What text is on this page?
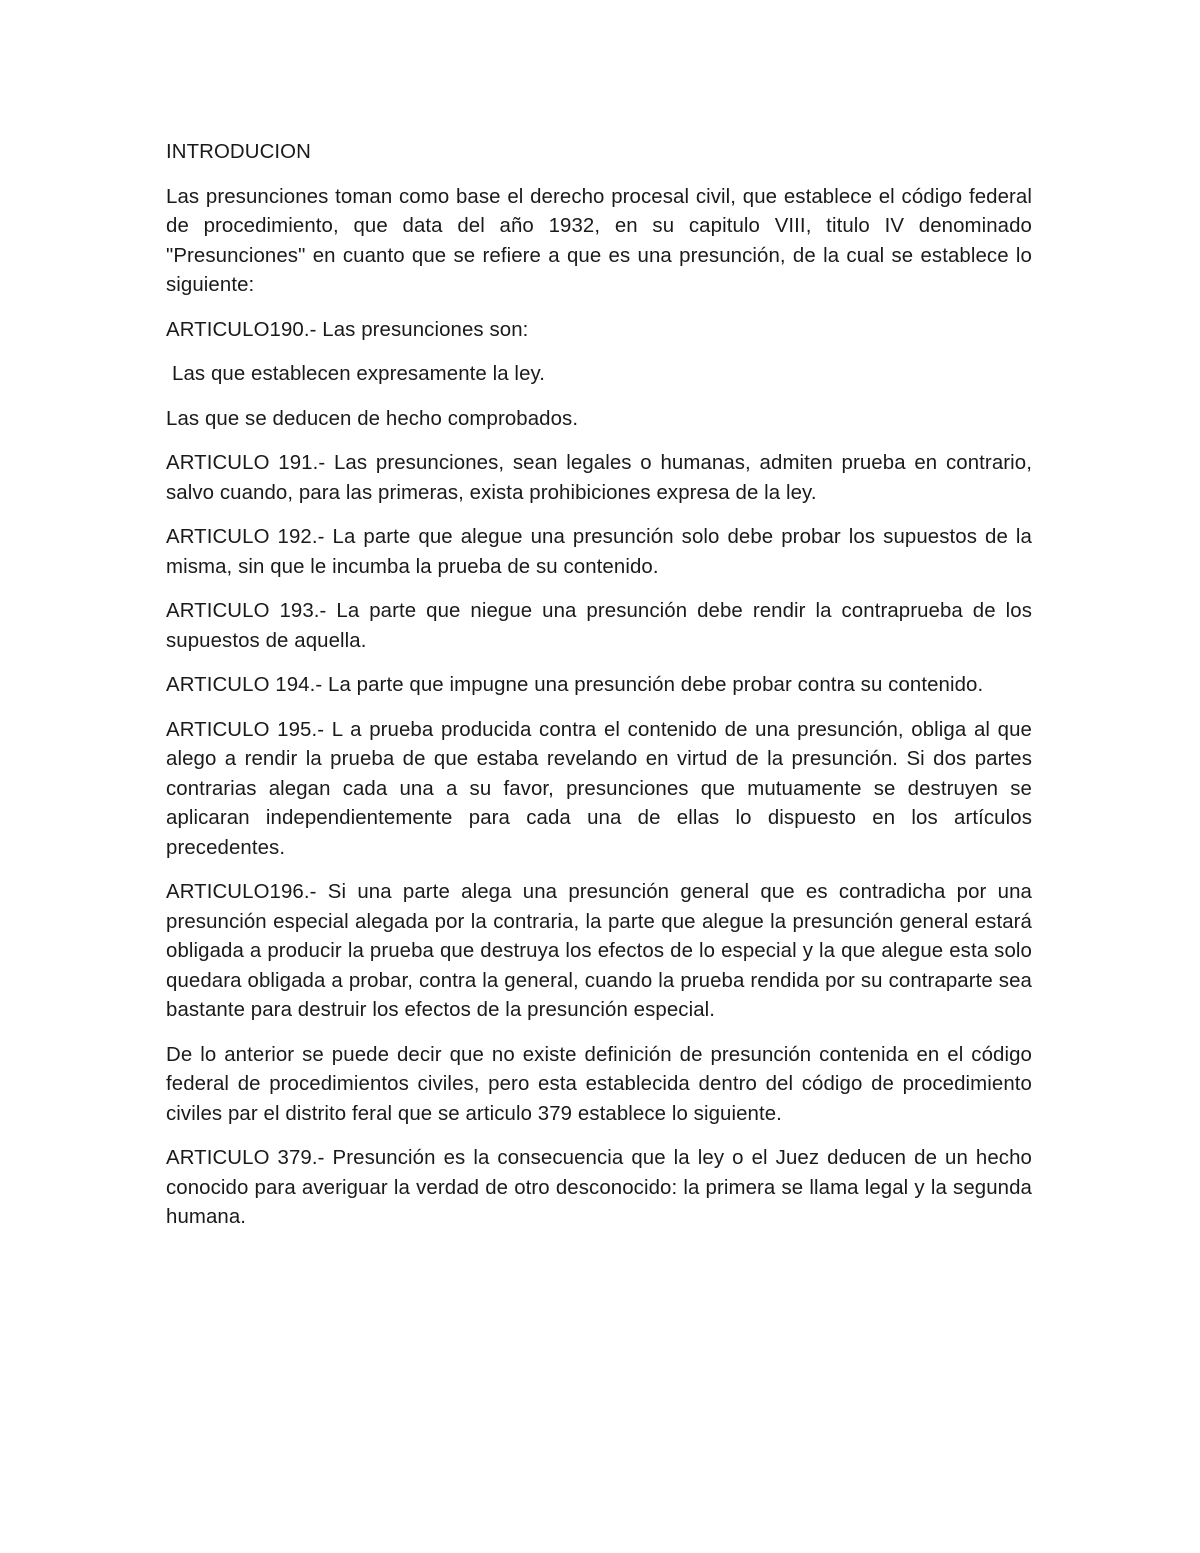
INTRODUCION

Las presunciones toman como base el derecho procesal civil, que establece el código federal de procedimiento, que data del año 1932, en su capitulo VIII, titulo IV denominado "Presunciones" en cuanto que se refiere a que es una presunción, de la cual se establece lo siguiente:

ARTICULO190.- Las presunciones son:

Las que establecen expresamente la ley.

Las que se deducen de hecho comprobados.

ARTICULO 191.- Las presunciones, sean legales o humanas, admiten prueba en contrario, salvo cuando, para las primeras, exista prohibiciones expresa de la ley.

ARTICULO 192.- La parte que alegue una presunción solo debe probar los supuestos de la misma, sin que le incumba la prueba de su contenido.

ARTICULO 193.- La parte que niegue una presunción debe rendir la contraprueba de los supuestos de aquella.

ARTICULO 194.- La parte que impugne una presunción debe probar contra su contenido.

ARTICULO 195.- L a prueba producida contra el contenido de una presunción, obliga al que alego a rendir la prueba de que estaba revelando en virtud de la presunción. Si dos partes contrarias alegan cada una a su favor, presunciones que mutuamente se destruyen se aplicaran independientemente para cada una de ellas lo dispuesto en los artículos precedentes.

ARTICULO196.- Si una parte alega una presunción general que es contradicha por una presunción especial alegada por la contraria, la parte que alegue la presunción general estará obligada a producir la prueba que destruya los efectos de lo especial y la que alegue esta solo quedara obligada a probar, contra la general, cuando la prueba rendida por su contraparte sea bastante para destruir los efectos de la presunción especial.

De lo anterior se puede decir que no existe definición de presunción contenida en el código federal de procedimientos civiles, pero esta establecida dentro del código de procedimiento civiles par el distrito feral que se articulo 379 establece lo siguiente.

ARTICULO 379.- Presunción es la consecuencia que la ley o el Juez deducen de un hecho conocido para averiguar la verdad de otro desconocido: la primera se llama legal y la segunda humana.
